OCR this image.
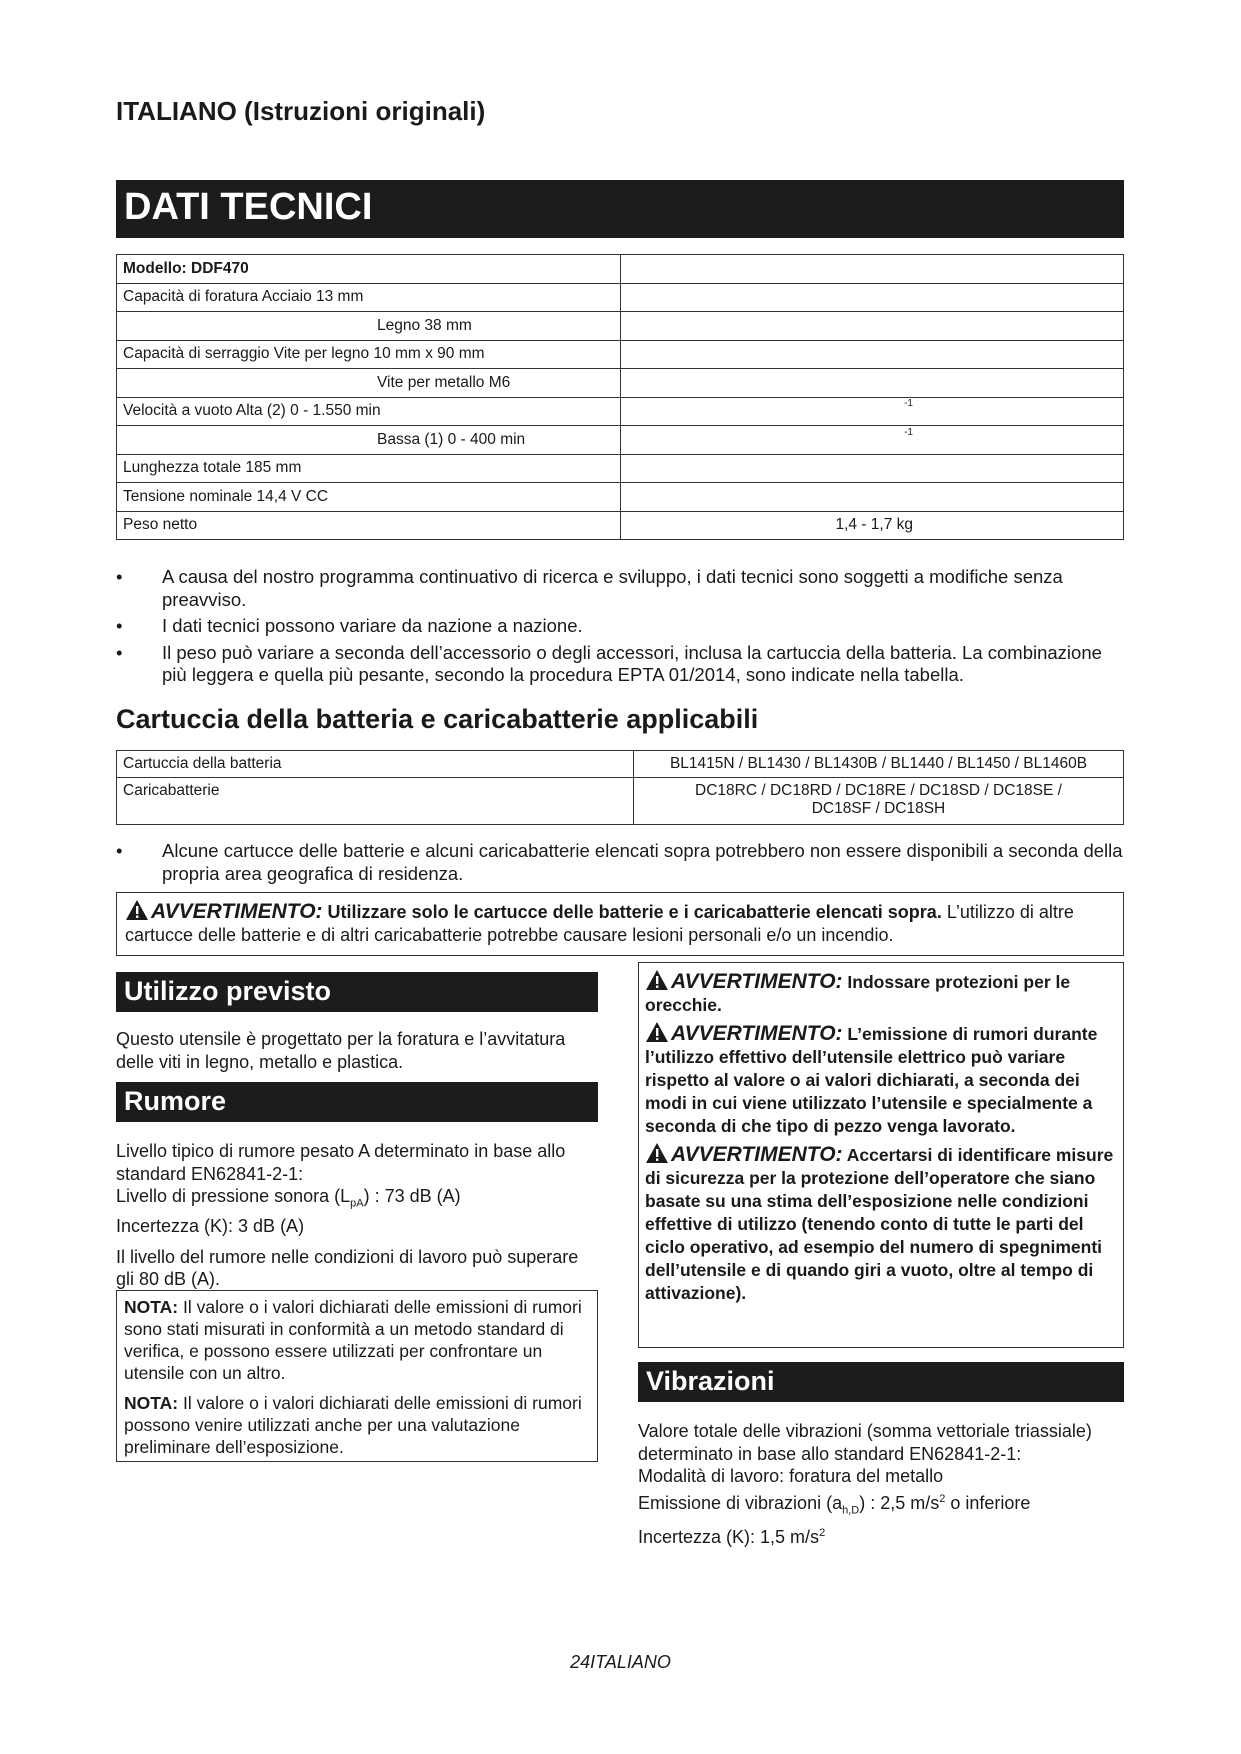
ITALIANO (Istruzioni originali)
DATI TECNICI
Modello: DDF470	
Capacità di foratura Acciaio 13 mm	
Legno 38 mm	
Capacità di serraggio Vite per legno 10 mm x 90 mm	
Vite per metallo M6	
Velocità a vuoto Alta (2) 0 - 1.550 min	$^{-1}$
Bassa (1) 0 - 400 min	$^{-1}$
Lunghezza totale 185 mm	
Tensione nominale 14,4 V CC	
Peso netto	1,4 - 1,7 kg
• A causa del nostro programma continuativo di ricerca e sviluppo, i dati tecnici sono soggetti a modifiche senza preavviso.
• I dati tecnici possono variare da nazione a nazione.
• Il peso può variare a seconda dell’accessorio o degli accessori, inclusa la cartuccia della batteria. La combinazione più leggera e quella più pesante, secondo la procedura EPTA 01/2014, sono indicate nella tabella.
Cartuccia della batteria e caricabatterie applicabili
Cartuccia della batteria	BL1415N / BL1430 / BL1430B / BL1440 / BL1450 / BL1460B
Caricabatterie	DC18RC / DC18RD / DC18RE / DC18SD / DC18SE / DC18SF / DC18SH
• Alcune cartucce delle batterie e alcuni caricabatterie elencati sopra potrebbero non essere disponibili a seconda della propria area geografica di residenza.
AVVERTIMENTO: Utilizzare solo le cartucce delle batterie e i caricabatterie elencati sopra. L’utilizzo di altre cartucce delle batterie e di altri caricabatterie potrebbe causare lesioni personali e/o un incendio.
Utilizzo previsto
Questo utensile è progettato per la foratura e l’avvitatura delle viti in legno, metallo e plastica.
Rumore
Livello tipico di rumore pesato A determinato in base allo standard EN62841-2-1:
Livello di pressione sonora $(L_{pA})$ : 73 dB (A)
Incertezza (K): 3 dB (A)
Il livello del rumore nelle condizioni di lavoro può superare gli 80 dB (A).

NOTA: Il valore o i valori dichiarati delle emissioni di rumori sono stati misurati in conformità a un metodo standard di verifica, e possono essere utilizzati per confrontare un utensile con un altro.

NOTA: Il valore o i valori dichiarati delle emissioni di rumori possono venire utilizzati anche per una valutazione preliminare dell’esposizione.

AVVERTIMENTO: Indossare protezioni per le orecchie.
AVVERTIMENTO: L’emissione di rumori durante l’utilizzo effettivo dell’utensile elettrico può variare rispetto al valore o ai valori dichiarati, a seconda dei modi in cui viene utilizzato l’utensile e specialmente a seconda di che tipo di pezzo venga lavorato.
AVVERTIMENTO: Accertarsi di identificare misure di sicurezza per la protezione dell’operatore che siano basate su una stima dell’esposizione nelle condizioni effettive di utilizzo (tenendo conto di tutte le parti del ciclo operativo, ad esempio del numero di spegnimenti dell’utensile e di quando giri a vuoto, oltre al tempo di attivazione).
Vibrazioni
Valore totale delle vibrazioni (somma vettoriale triassiale) determinato in base allo standard EN62841-2-1:
Modalità di lavoro: foratura del metallo
Emissione di vibrazioni $(a_{h,D})$ : 2,5 $m/s^2$ o inferiore
Incertezza (K): 1,5 $m/s^2$
24ITALIANO
